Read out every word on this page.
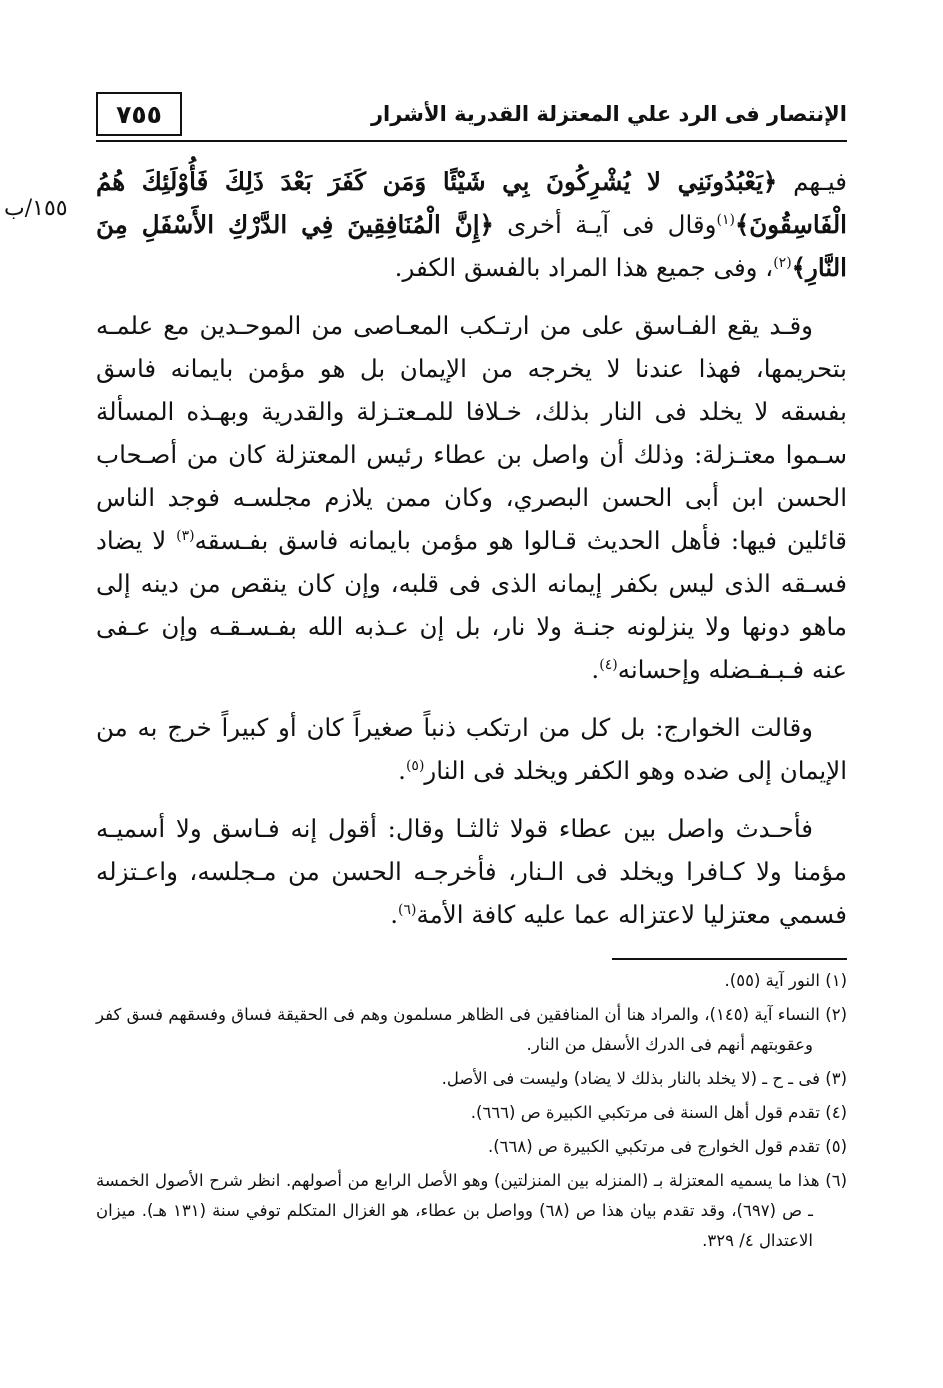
٧٥٥	الإنتصار فى الرد علي المعتزلة القدرية الأشرار
١٥٥/ب

فيـهم ﴿يَعْبُدُونَنِي لا يُشْرِكُونَ بِي شَيْئًا وَمَن كَفَرَ بَعْدَ ذَلِكَ فَأُوْلَئِكَ هُمُ الْفَاسِقُونَ﴾$^{(١)}$وقال فى آيـة أخرى ﴿إِنَّ الْمُنَافِقِينَ فِي الدَّرْكِ الأَسْفَلِ مِنَ النَّارِ﴾$^{(٢)}$، وفى جميع هذا المراد بالفسق الكفر.

وقـد يقع الفـاسق على من ارتـكب المعـاصى من الموحـدين مع علمـه بتحريمها، فهذا عندنا لا يخرجه من الإيمان بل هو مؤمن بايمانه فاسق بفسقه لا يخلد فى النار بذلك، خـلافا للمـعتـزلة والقدرية وبهـذه المسألة سـموا معتـزلة: وذلك أن واصل بن عطاء رئيس المعتزلة كان من أصـحاب الحسن ابن أبى الحسن البصري، وكان ممن يلازم مجلسـه فوجد الناس قائلين فيها: فأهل الحديث قـالوا هو مؤمن بايمانه فاسق بفـسقه$^{(٣)}$ لا يضاد فسـقه الذى ليس بكفر إيمانه الذى فى قلبه، وإن كان ينقص من دينه إلى ماهو دونها ولا ينزلونه جنـة ولا نار، بل إن عـذبه الله بفـسـقـه وإن عـفى عنه فـبـفـضله وإحسانه$^{(٤)}$.

وقالت الخوارج: بل كل من ارتكب ذنباً صغيراً كان أو كبيراً خرج به من الإيمان إلى ضده وهو الكفر ويخلد فى النار$^{(٥)}$.

فأحـدث واصل بين عطاء قولا ثالثـا وقال: أقول إنه فـاسق ولا أسميـه مؤمنا ولا كـافرا ويخلد فى الـنار، فأخرجـه الحسن من مـجلسه، واعـتزله فسمي معتزليا لاعتزاله عما عليه كافة الأمة$^{(٦)}$.

(١) النور آية (٥٥).
(٢) النساء آية (١٤٥)، والمراد هنا أن المنافقين فى الظاهر مسلمون وهم فى الحقيقة فساق وفسقهم فسق كفر وعقوبتهم أنهم فى الدرك الأسفل من النار.
(٣) فى ـ ح ـ (لا يخلد بالنار بذلك لا يضاد) وليست فى الأصل.
(٤) تقدم قول أهل السنة فى مرتكبي الكبيرة ص (٦٦٦).
(٥) تقدم قول الخوارج فى مرتكبي الكبيرة ص (٦٦٨).
(٦) هذا ما يسميه المعتزلة بـ (المنزله بين المنزلتين) وهو الأصل الرابع من أصولهم. انظر شرح الأصول الخمسة ـ ص (٦٩٧)، وقد تقدم بيان هذا ص (٦٨) وواصل بن عطاء، هو الغزال المتكلم توفي سنة (١٣١ هـ). ميزان الاعتدال ٤/ ٣٢٩.
